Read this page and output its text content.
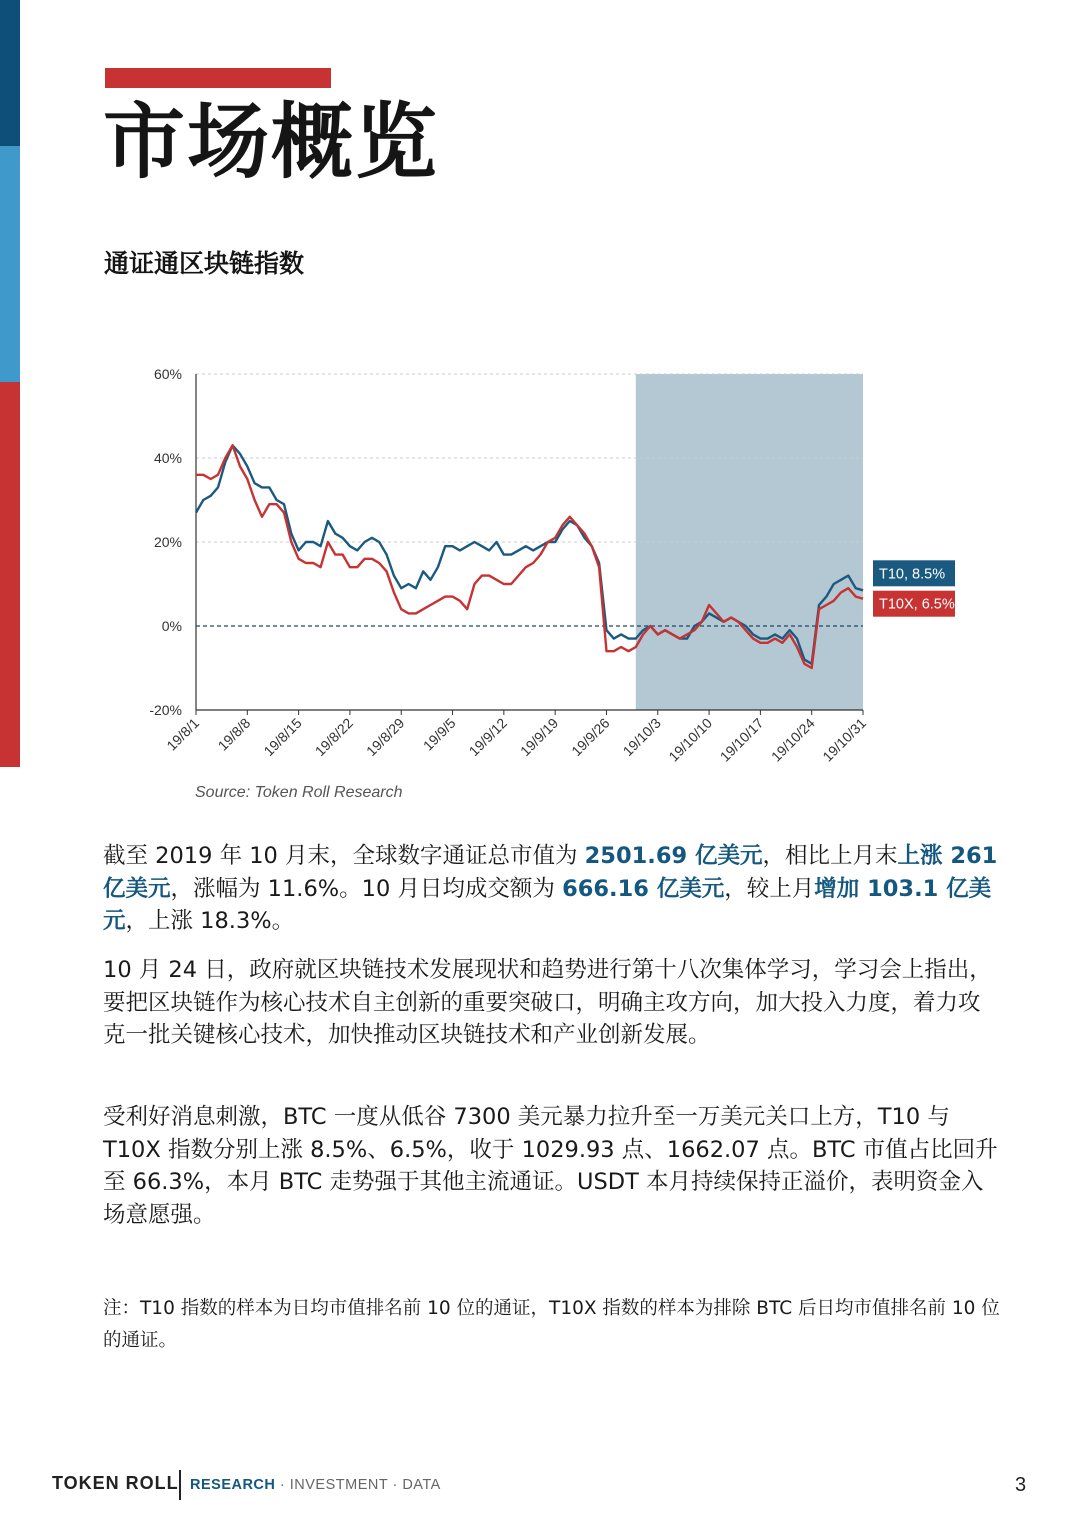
市场概览
通证通区块链指数
60%
40%
20%
0%
-20%
19/8/1 19/8/8 19/8/15 19/8/22 19/8/29 19/9/5 19/9/12 19/9/19 19/9/26 19/10/3 19/10/10 19/10/17 19/10/24 19/10/31
T10, 8.5%
T10X, 6.5%
Source: Token Roll Research

截至 2019 年 10 月末，全球数字通证总市值为 2501.69 亿美元，相比上月末上涨 261 亿美元，涨幅为 11.6%。10 月日均成交额为 666.16 亿美元，较上月增加 103.1 亿美元，上涨 18.3%。

10 月 24 日，政府就区块链技术发展现状和趋势进行第十八次集体学习，学习会上指出，要把区块链作为核心技术自主创新的重要突破口，明确主攻方向，加大投入力度，着力攻克一批关键核心技术，加快推动区块链技术和产业创新发展。

受利好消息刺激，BTC 一度从低谷 7300 美元暴力拉升至一万美元关口上方，T10 与 T10X 指数分别上涨 8.5%、6.5%，收于 1029.93 点、1662.07 点。BTC 市值占比回升至 66.3%，本月 BTC 走势强于其他主流通证。USDT 本月持续保持正溢价，表明资金入场意愿强。

注：T10 指数的样本为日均市值排名前 10 位的通证，T10X 指数的样本为排除 BTC 后日均市值排名前 10 位的通证。

TOKEN ROLL RESEARCH · INVESTMENT · DATA	3
